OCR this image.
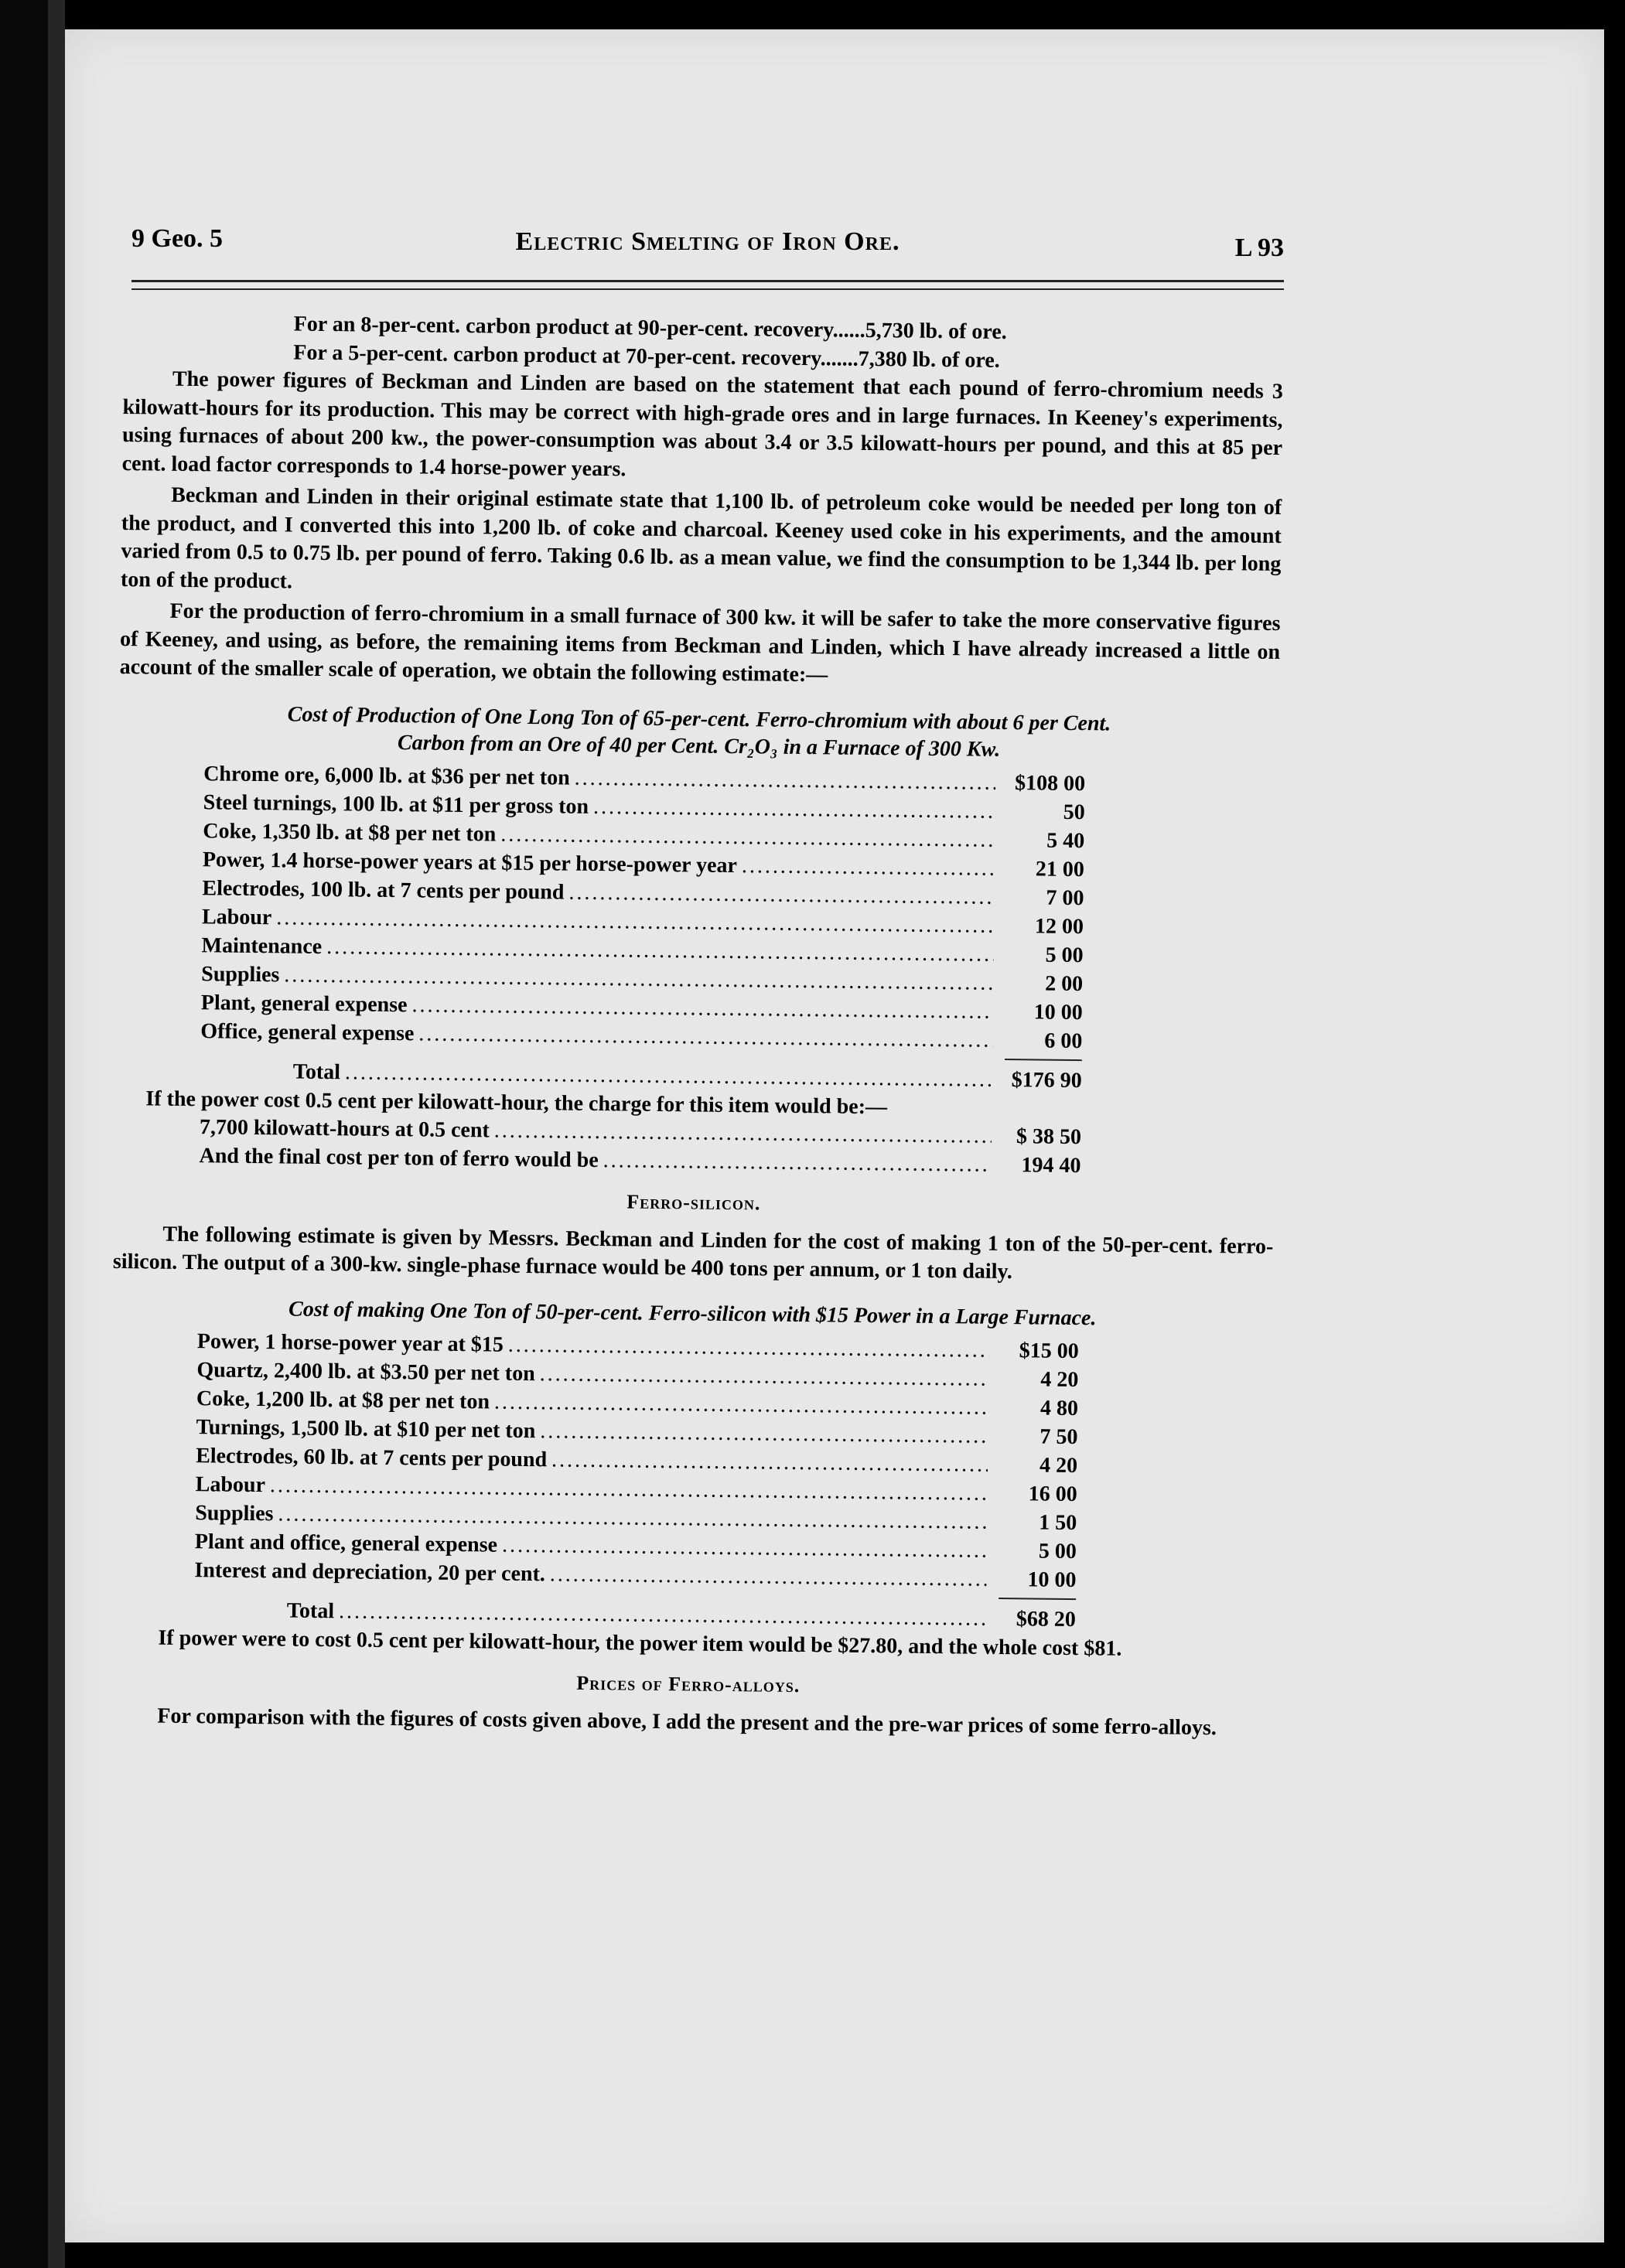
9 Geo. 5	Electric Smelting of Iron Ore.	L 93
For an 8-per-cent. carbon product at 90-per-cent. recovery......5,730 lb. of ore.
For a 5-per-cent. carbon product at 70-per-cent. recovery.......7,380 lb. of ore.

The power figures of Beckman and Linden are based on the statement that each pound of ferro-chromium needs 3 kilowatt-hours for its production. This may be correct with high-grade ores and in large furnaces. In Keeney's experiments, using furnaces of about 200 kw., the power-consumption was about 3.4 or 3.5 kilowatt-hours per pound, and this at 85 per cent. load factor corresponds to 1.4 horse-power years.

Beckman and Linden in their original estimate state that 1,100 lb. of petroleum coke would be needed per long ton of the product, and I converted this into 1,200 lb. of coke and charcoal. Keeney used coke in his experiments, and the amount varied from 0.5 to 0.75 lb. per pound of ferro. Taking 0.6 lb. as a mean value, we find the consumption to be 1,344 lb. per long ton of the product.

For the production of ferro-chromium in a small furnace of 300 kw. it will be safer to take the more conservative figures of Keeney, and using, as before, the remaining items from Beckman and Linden, which I have already increased a little on account of the smaller scale of operation, we obtain the following estimate:—

Cost of Production of One Long Ton of 65-per-cent. Ferro-chromium with about 6 per Cent.
Carbon from an Ore of 40 per Cent. Cr₂O₃ in a Furnace of 300 Kw.
Chrome ore, 6,000 lb. at $36 per net ton .....	$108 00
Steel turnings, 100 lb. at $11 per gross ton .....	50
Coke, 1,350 lb. at $8 per net ton .....	5 40
Power, 1.4 horse-power years at $15 per horse-power year .....	21 00
Electrodes, 100 lb. at 7 cents per pound .....	7 00
Labour .....	12 00
Maintenance .....	5 00
Supplies .....	2 00
Plant, general expense .....	10 00
Office, general expense .....	6 00
Total .....	$176 90
If the power cost 0.5 cent per kilowatt-hour, the charge for this item would be:—
7,700 kilowatt-hours at 0.5 cent .....	$ 38 50
And the final cost per ton of ferro would be .....	194 40
Ferro-silicon.

The following estimate is given by Messrs. Beckman and Linden for the cost of making 1 ton of the 50-per-cent. ferro-silicon. The output of a 300-kw. single-phase furnace would be 400 tons per annum, or 1 ton daily.

Cost of making One Ton of 50-per-cent. Ferro-silicon with $15 Power in a Large Furnace.
Power, 1 horse-power year at $15 .....	$15 00
Quartz, 2,400 lb. at $3.50 per net ton .....	4 20
Coke, 1,200 lb. at $8 per net ton .....	4 80
Turnings, 1,500 lb. at $10 per net ton .....	7 50
Electrodes, 60 lb. at 7 cents per pound .....	4 20
Labour .....	16 00
Supplies .....	1 50
Plant and office, general expense .....	5 00
Interest and depreciation, 20 per cent. .....	10 00
Total .....	$68 20

If power were to cost 0.5 cent per kilowatt-hour, the power item would be $27.80, and the whole cost $81.

Prices of Ferro-alloys.

For comparison with the figures of costs given above, I add the present and the pre-war prices of some ferro-alloys.
